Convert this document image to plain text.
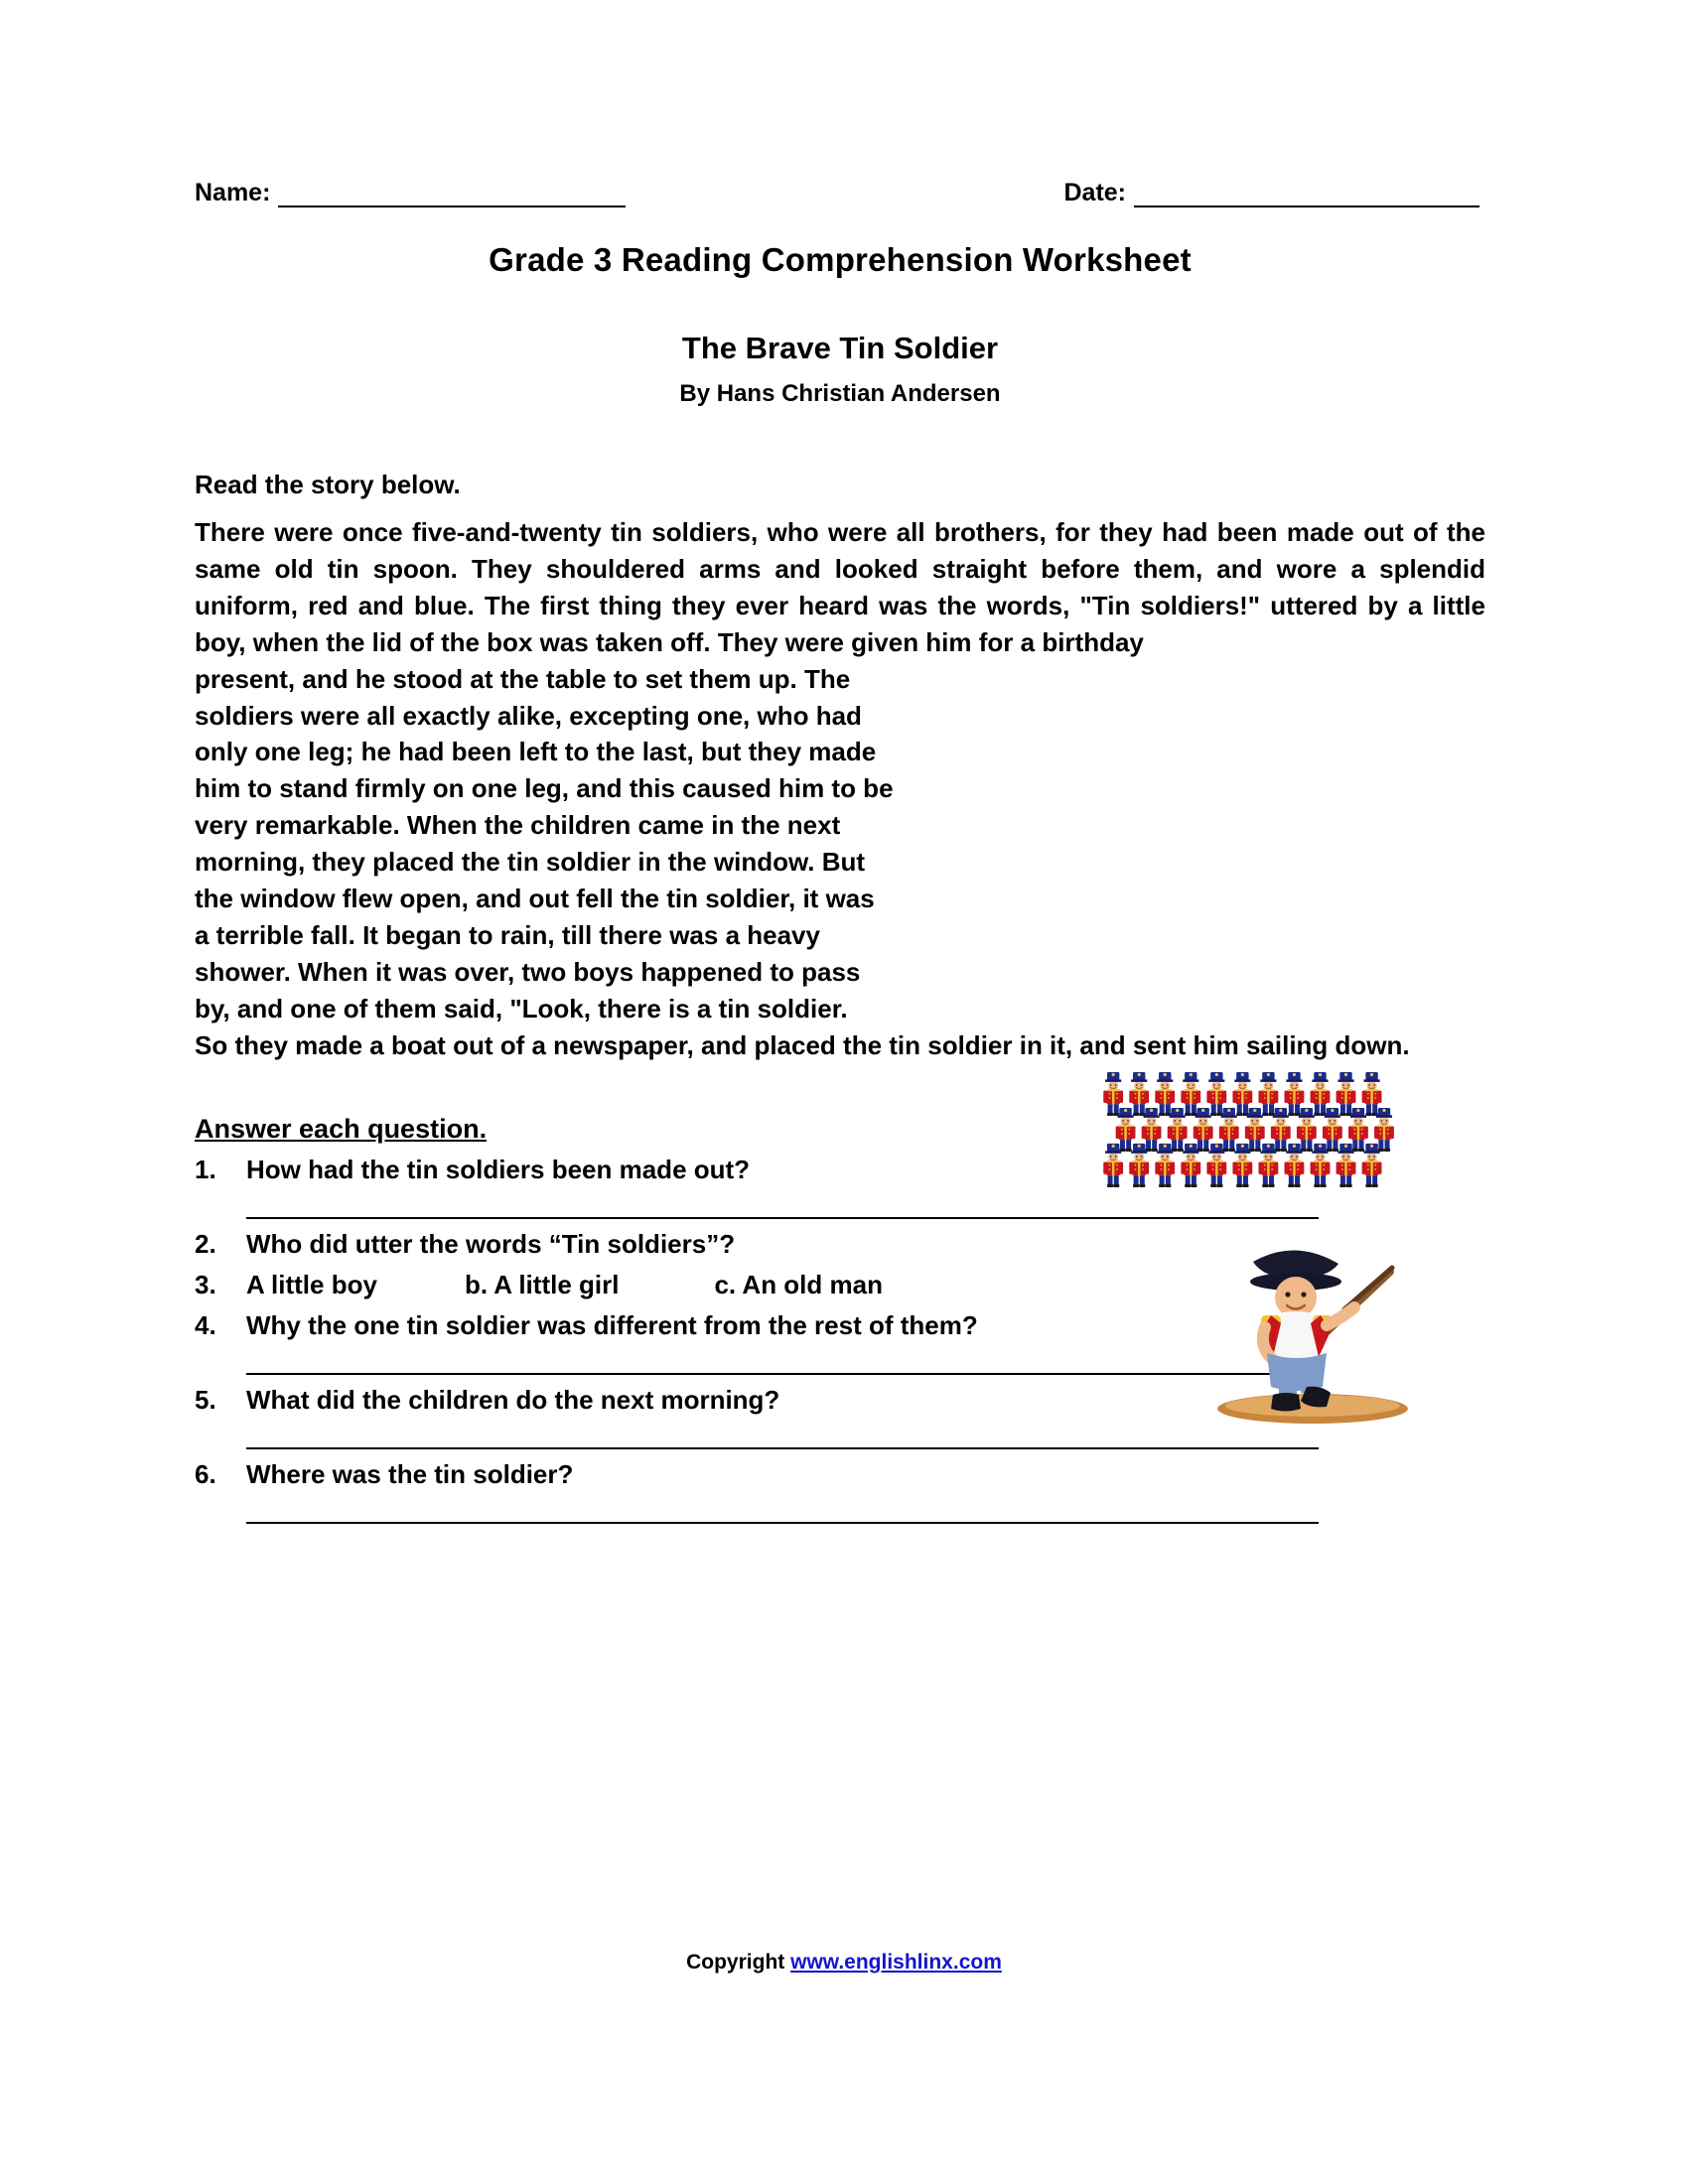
Name:	Date:
Grade 3 Reading Comprehension Worksheet
The Brave Tin Soldier
By Hans Christian Andersen
Read the story below.

There were once five-and-twenty tin soldiers, who were all brothers, for they had been made out of the same old tin spoon. They shouldered arms and looked straight before them, and wore a splendid uniform, red and blue. The first thing they ever heard was the words, "Tin soldiers!" uttered by a little boy, when the lid of the box was taken off. They were given him for a birthday

present, and he stood at the table to set them up. The

soldiers were all exactly alike, excepting one, who had

only one leg; he had been left to the last, but they made

him to stand firmly on one leg, and this caused him to be

very remarkable. When the children came in the next

morning, they placed the tin soldier in the window. But

the window flew open, and out fell the tin soldier, it was

a terrible fall. It began to rain, till there was a heavy

shower. When it was over, two boys happened to pass

by, and one of them said, "Look, there is a tin soldier.

So they made a boat out of a newspaper, and placed the tin soldier in it, and sent him sailing down.

Answer each question.
1.	How had the tin soldiers been made out?
2.	Who did utter the words “Tin soldiers”?
3.	A little boy	b. A little girl	c. An old man
4.	Why the one tin soldier was different from the rest of them?
5.	What did the children do the next morning?
6.	Where was the tin soldier?
Copyright www.englishlinx.com
